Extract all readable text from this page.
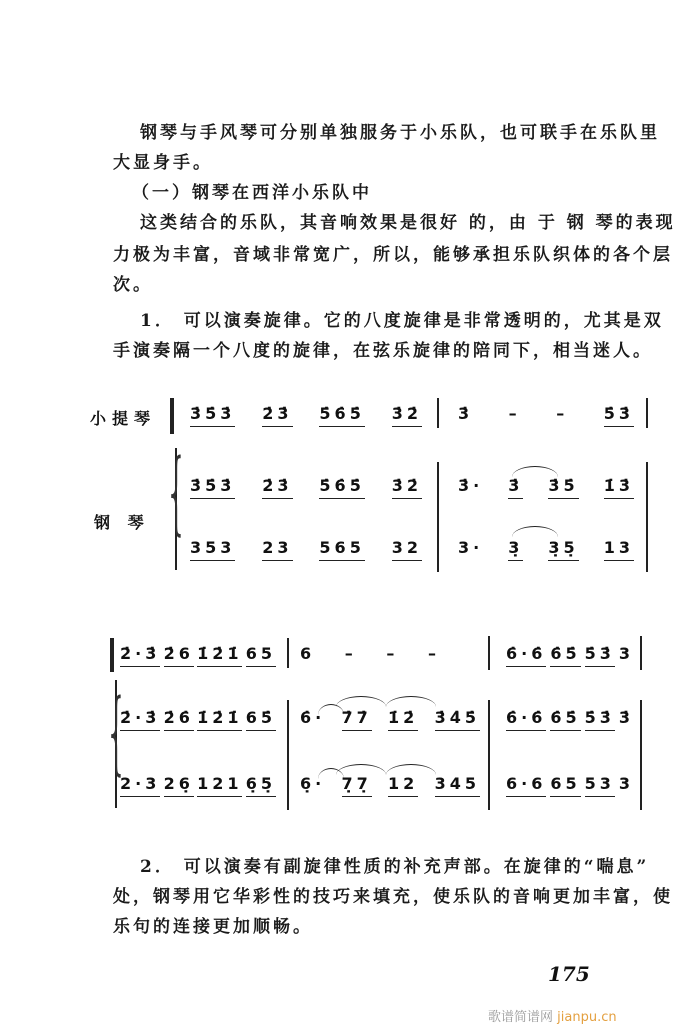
钢琴与手风琴可分别单独服务于小乐队，也可联手在乐队里
大显身手。
（一）钢琴在西洋小乐队中
这类结合的乐队，其音响效果是很好 的，由 于 钢 琴的表现
力极为丰富，音域非常宽广，所以，能够承担乐队织体的各个层
次。
1． 可以演奏旋律。它的八度旋律是非常透明的，尤其是双
手演奏隔一个八度的旋律，在弦乐旋律的陪同下，相当迷人。
小提琴
钢 琴 {
3̇5̇3̇ 2̇3̇ 5̇6̇5̇ 3̇2̇ 3̇ – – 5̇3̇
3̇5̇3̇ 2̇3̇ 5̇6̇5̇ 3̇2̇ 3̇· 3̇ 3̇5̇ 1̇3̇
353 23 565 32 3· 3̣ 3̣5̣ 13
{
2̇·3̇ 2̇6 1̇2̇1̇ 65 6 – – –	6̇·6̇ 6̇5̇ 5̇3̇ 3
2̇·3̇ 2̇6̇ 1̇2̇1̇ 65̇ 6̇· 7̇7̇ 1̇2̇ 3̇4̇5̇ 6̇·6̇ 6̇5̇ 5̇3̇ 3̇
2·3 26̣ 121 6̣5̣ 6̣· 7̣7̣ 12 345 6·6 65 53 3
2． 可以演奏有副旋律性质的补充声部。在旋律的“喘息”
处，钢琴用它华彩性的技巧来填充，使乐队的音响更加丰富，使
乐句的连接更加顺畅。
175
歌谱简谱网 jianpu.cn
